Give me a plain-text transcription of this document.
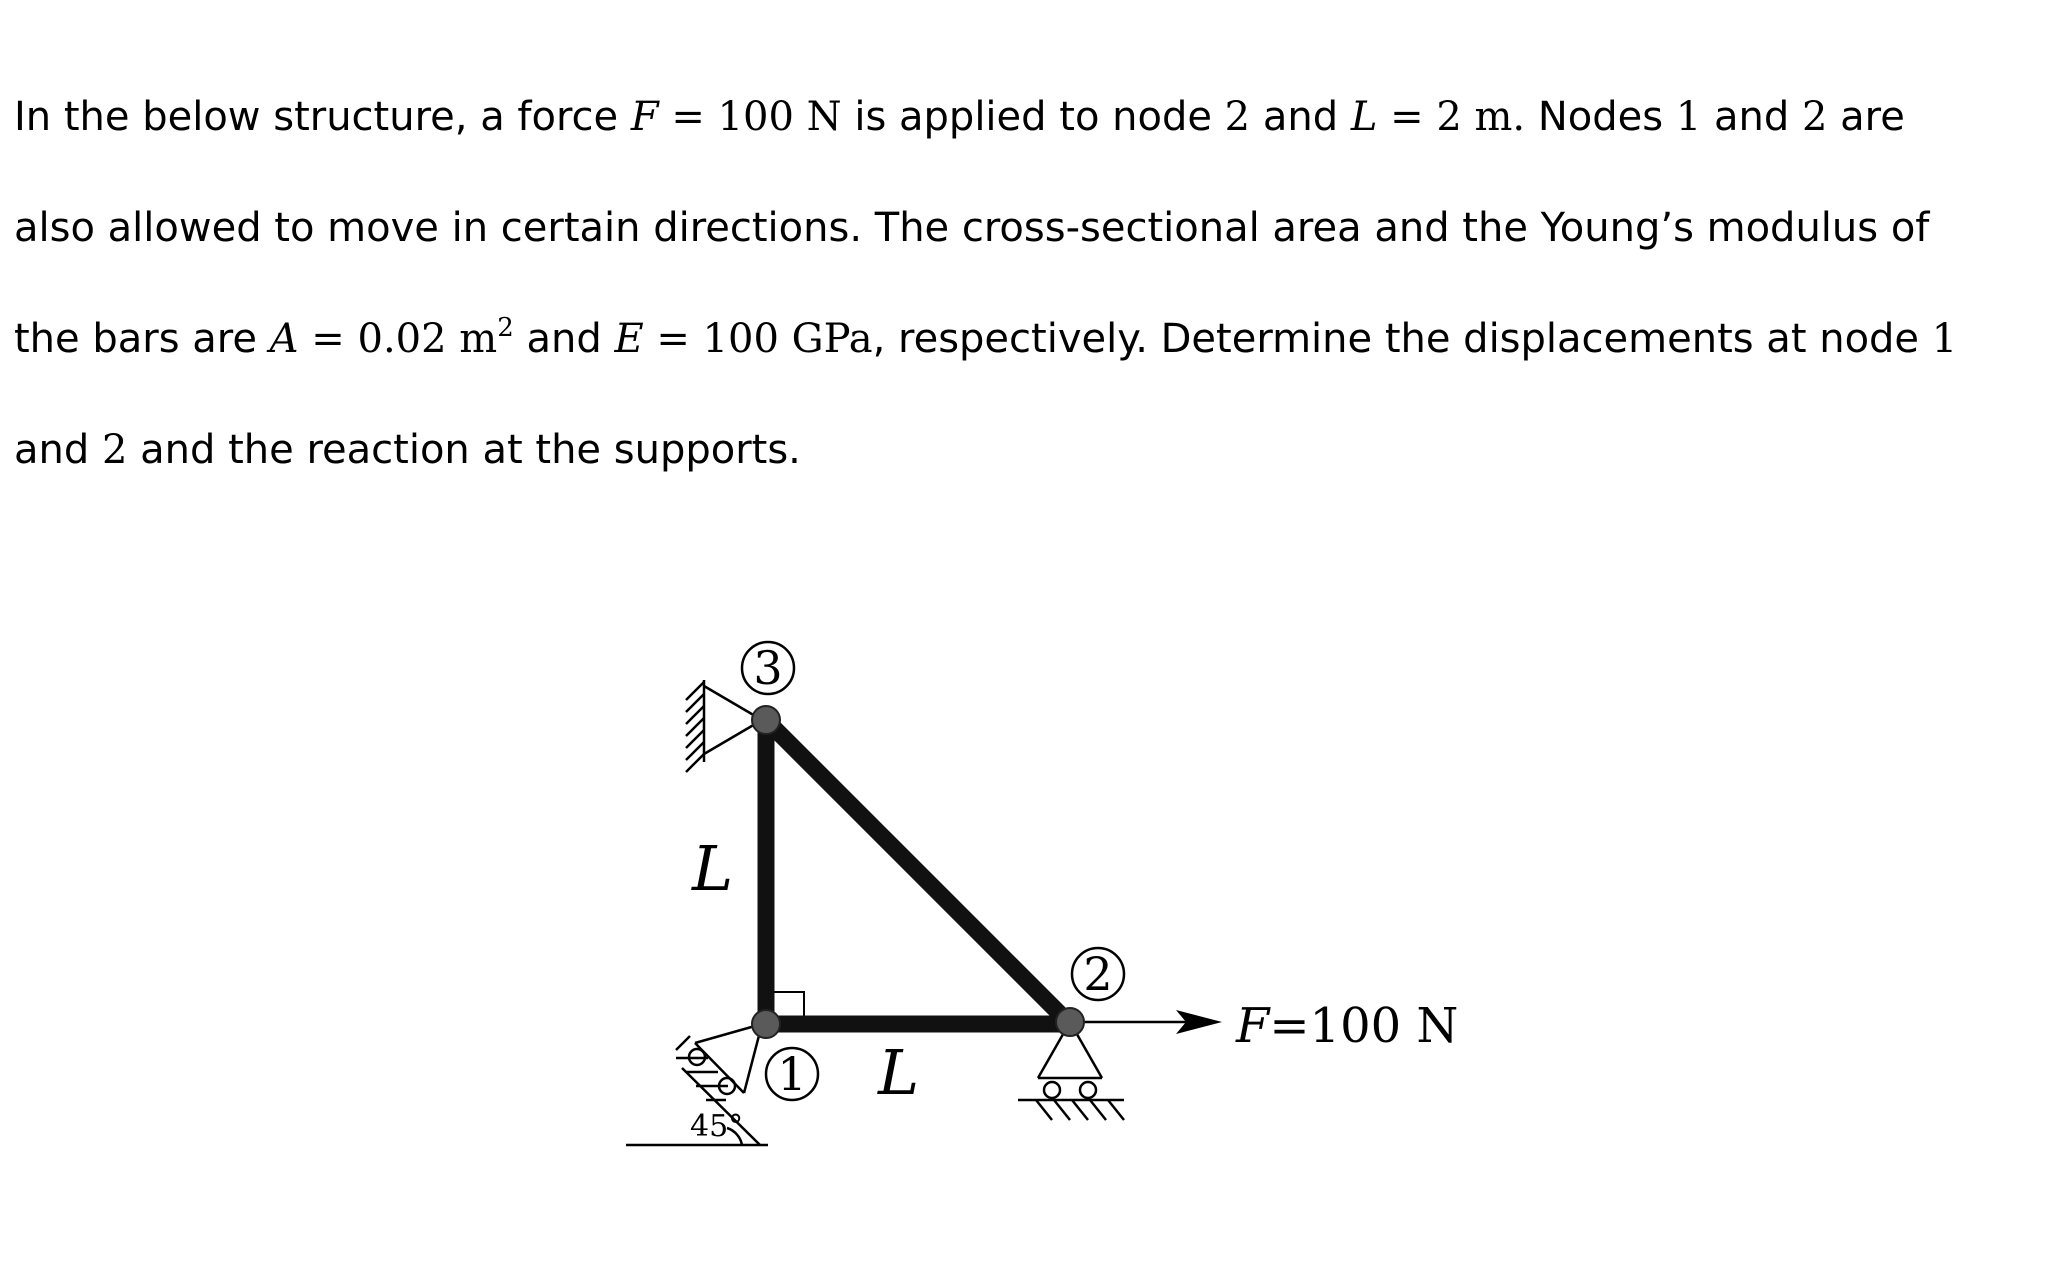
In the below structure, a force F = 100 N is applied to node 2 and L = 2 m. Nodes 1 and 2 are
also allowed to move in certain directions. The cross-sectional area and the Young’s modulus of
the bars are A = 0.02 $m^2$ and E = 100 GPa, respectively. Determine the displacements at node 1
and 2 and the reaction at the supports.
3
2
1
L
L
45°
F=100 N
